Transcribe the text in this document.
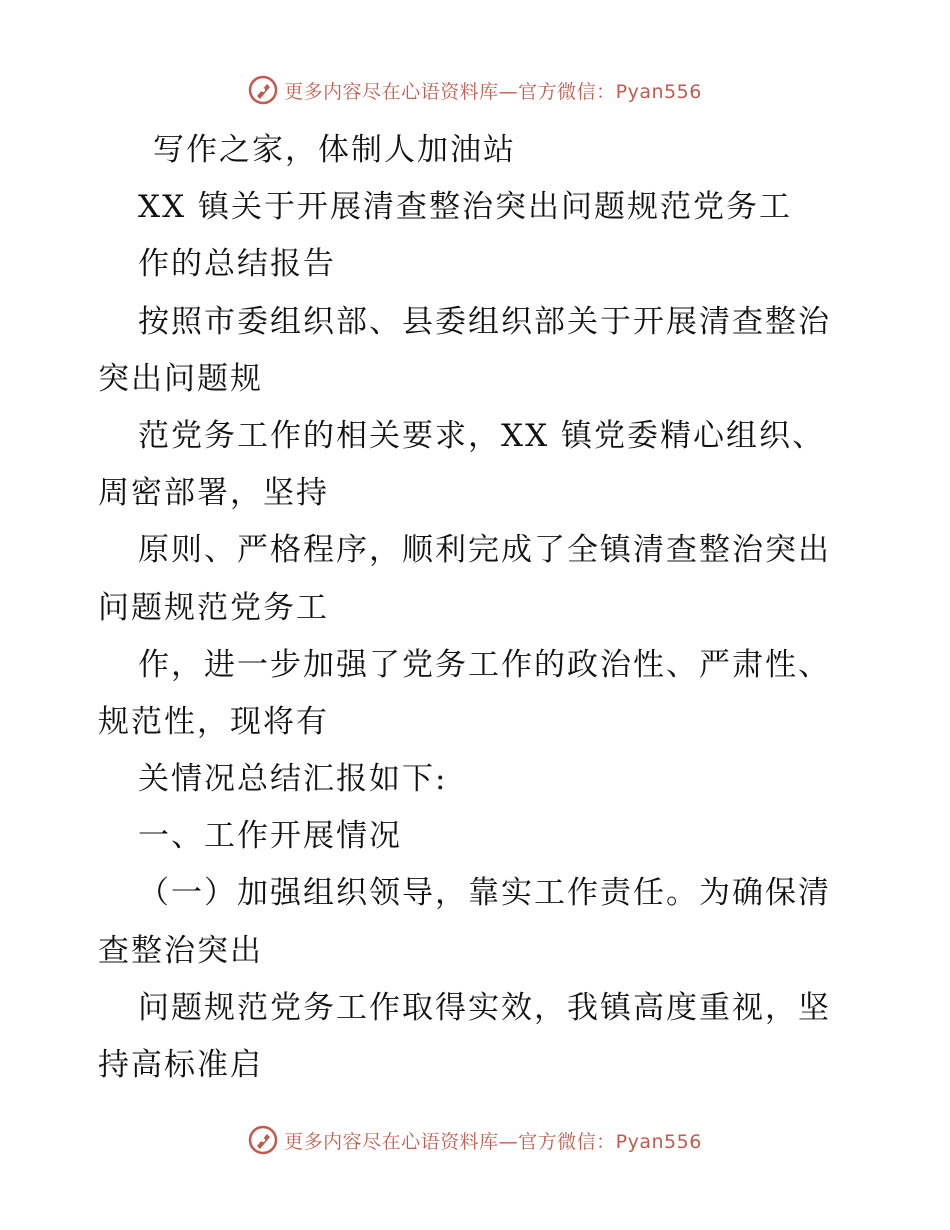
更多内容尽在心语资料库—官方微信：Pyan556
写作之家，体制人加油站
XX 镇关于开展清查整治突出问题规范党务工
作的总结报告
按照市委组织部、县委组织部关于开展清查整治
突出问题规
范党务工作的相关要求，XX 镇党委精心组织、
周密部署，坚持
原则、严格程序，顺利完成了全镇清查整治突出
问题规范党务工
作，进一步加强了党务工作的政治性、严肃性、
规范性，现将有
关情况总结汇报如下:
一、工作开展情况
（一）加强组织领导，靠实工作责任。为确保清
查整治突出
问题规范党务工作取得实效，我镇高度重视，坚
持高标准启
更多内容尽在心语资料库—官方微信：Pyan556
